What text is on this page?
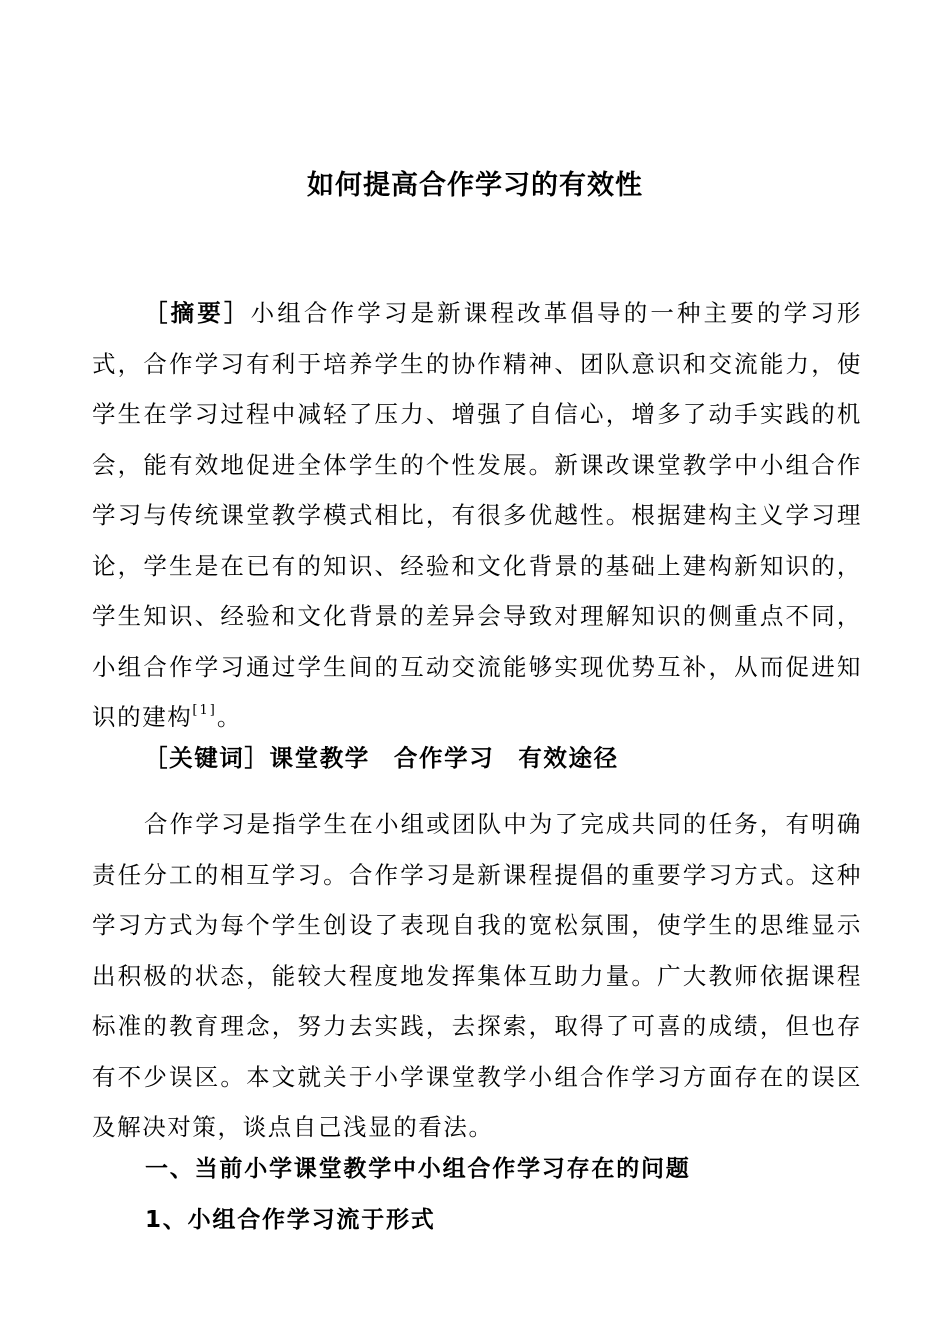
如何提高合作学习的有效性

［摘要］小组合作学习是新课程改革倡导的一种主要的学习形式，合作学习有利于培养学生的协作精神、团队意识和交流能力，使学生在学习过程中减轻了压力、增强了自信心，增多了动手实践的机会，能有效地促进全体学生的个性发展。新课改课堂教学中小组合作学习与传统课堂教学模式相比，有很多优越性。根据建构主义学习理论，学生是在已有的知识、经验和文化背景的基础上建构新知识的，学生知识、经验和文化背景的差异会导致对理解知识的侧重点不同，小组合作学习通过学生间的互动交流能够实现优势互补，从而促进知识的建构[1]。

［关键词］课堂教学 合作学习 有效途径

合作学习是指学生在小组或团队中为了完成共同的任务，有明确责任分工的相互学习。合作学习是新课程提倡的重要学习方式。这种学习方式为每个学生创设了表现自我的宽松氛围，使学生的思维显示出积极的状态，能较大程度地发挥集体互助力量。广大教师依据课程标准的教育理念，努力去实践，去探索，取得了可喜的成绩，但也存有不少误区。本文就关于小学课堂教学小组合作学习方面存在的误区及解决对策，谈点自己浅显的看法。

一、当前小学课堂教学中小组合作学习存在的问题
1、小组合作学习流于形式
